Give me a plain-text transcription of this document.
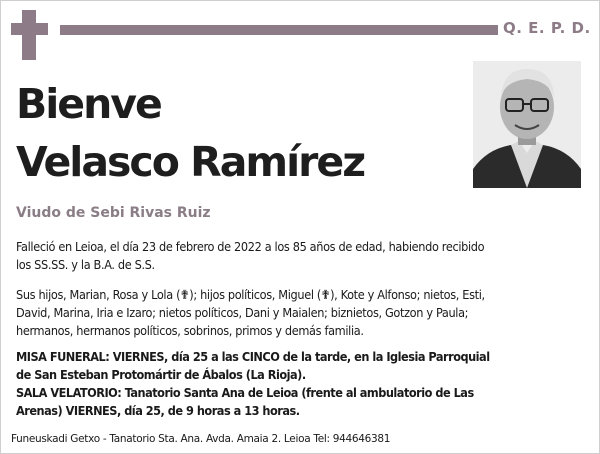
Q. E. P. D.
Bienve
Velasco Ramírez
Viudo de Sebi Rivas Ruiz
Falleció en Leioa, el día 23 de febrero de 2022 a los 85 años de edad, habiendo recibido
los SS.SS. y la B.A. de S.S.
Sus hijos, Marian, Rosa y Lola (✟); hijos políticos, Miguel (✟), Kote y Alfonso; nietos, Esti,
David, Marina, Iria e Izaro; nietos políticos, Dani y Maialen; biznietos, Gotzon y Paula;
hermanos, hermanos políticos, sobrinos, primos y demás familia.
MISA FUNERAL: VIERNES, día 25 a las CINCO de la tarde, en la Iglesia Parroquial
de San Esteban Protomártir de Ábalos (La Rioja).
SALA VELATORIO: Tanatorio Santa Ana de Leioa (frente al ambulatorio de Las
Arenas) VIERNES, día 25, de 9 horas a 13 horas.
Funeuskadi Getxo - Tanatorio Sta. Ana. Avda. Amaia 2. Leioa Tel: 944646381
